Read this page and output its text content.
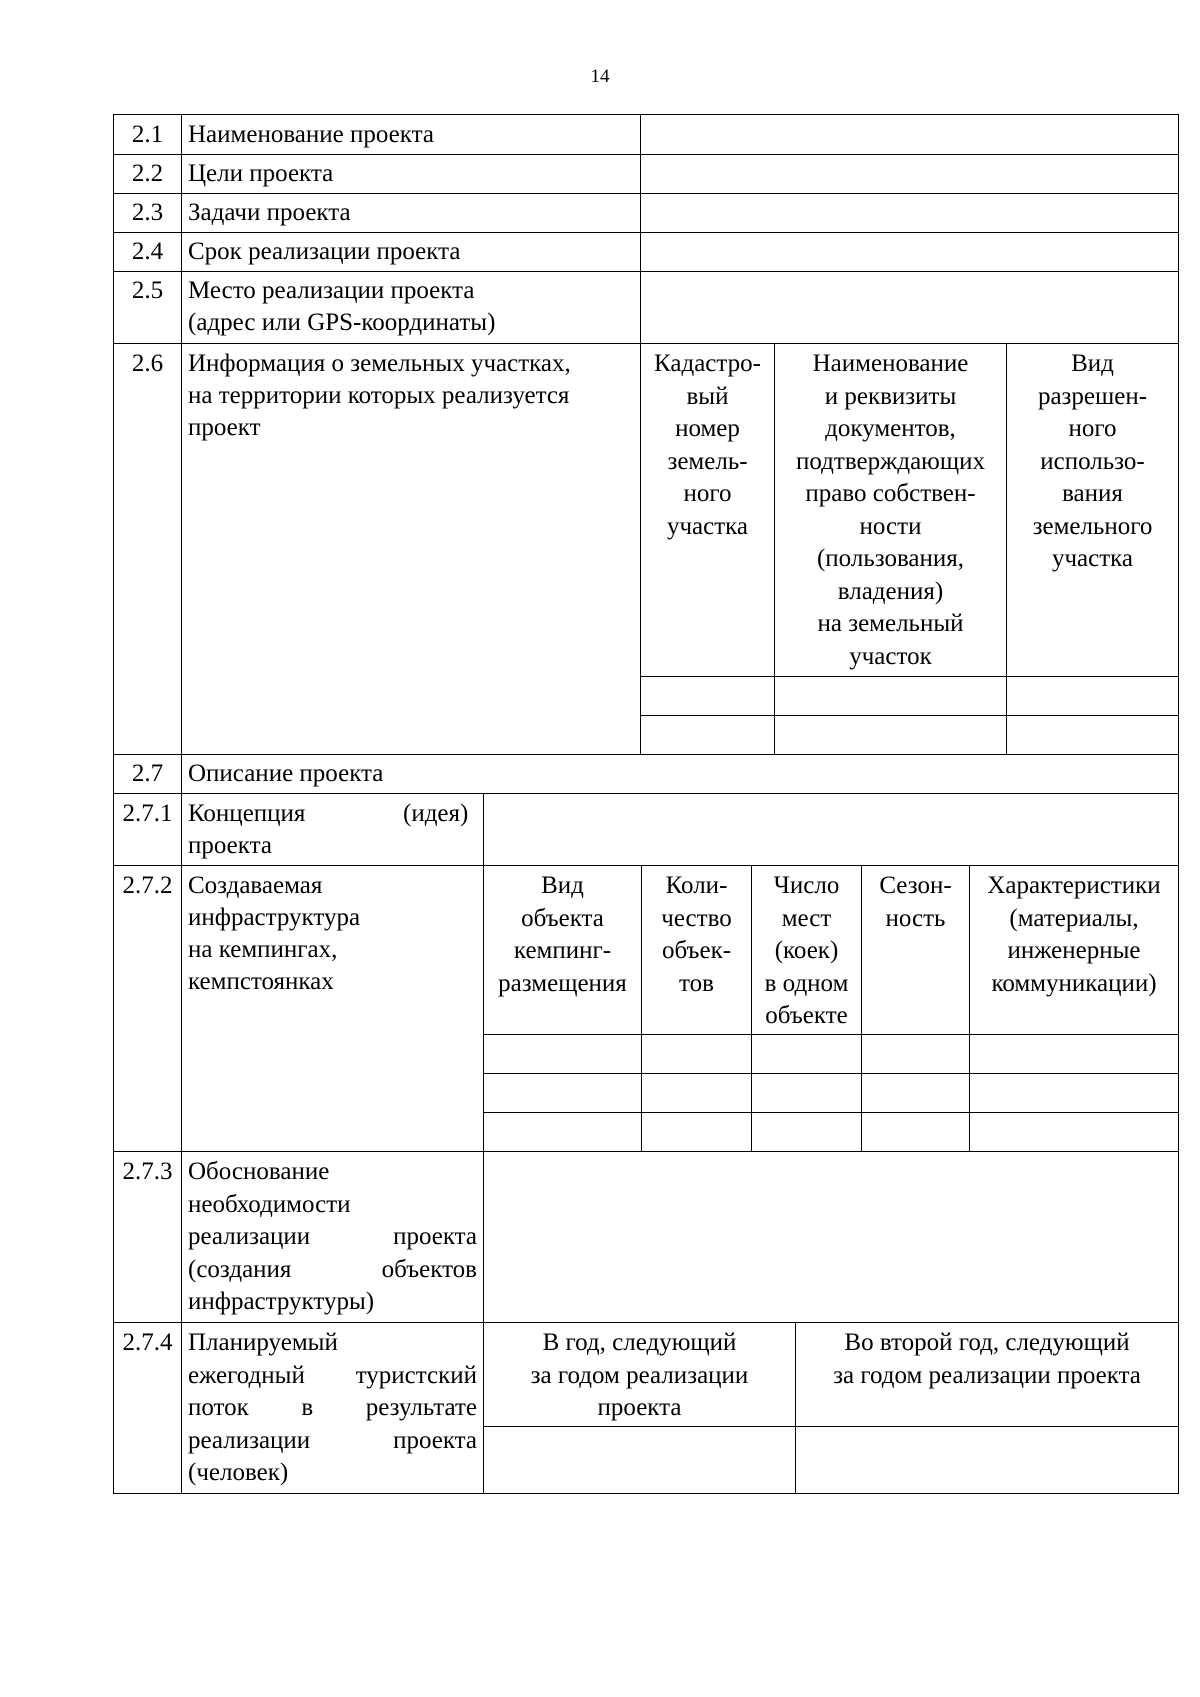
14
2.1
2.2
2.3
2.4
2.5
2.6
2.7
2.7.1
2.7.2
2.7.3
2.7.4
Наименование проекта
Цели проекта
Задачи проекта
Срок реализации проекта
Место реализации проекта
(адрес или GPS-координаты)
Информация о земельных участках,
на территории которых реализуется
проект
Кадастро-
вый
номер
земель-
ного
участка
Наименование
и реквизиты
документов,
подтверждающих
право собствен-
ности
(пользования,
владения)
на земельный
участок
Вид
разрешен-
ного
использо-
вания
земельного
участка
Описание проекта
Концепция	(идея)
проекта
Создаваемая
инфраструктура
на кемпингах,
кемпстоянках
Вид
объекта
кемпинг-
размещения
Коли-
чество
объек-
тов
Число
мест
(коек)
в одном
объекте
Сезон-
ность
Характеристики
(материалы,
инженерные
коммуникации)
Обоснование
необходимости
реализации проекта
(создания объектов
инфраструктуры)
Планируемый
ежегодный туристский
поток в результате
реализации проекта
(человек)
В год, следующий
за годом реализации
проекта
Во второй год, следующий
за годом реализации проекта
